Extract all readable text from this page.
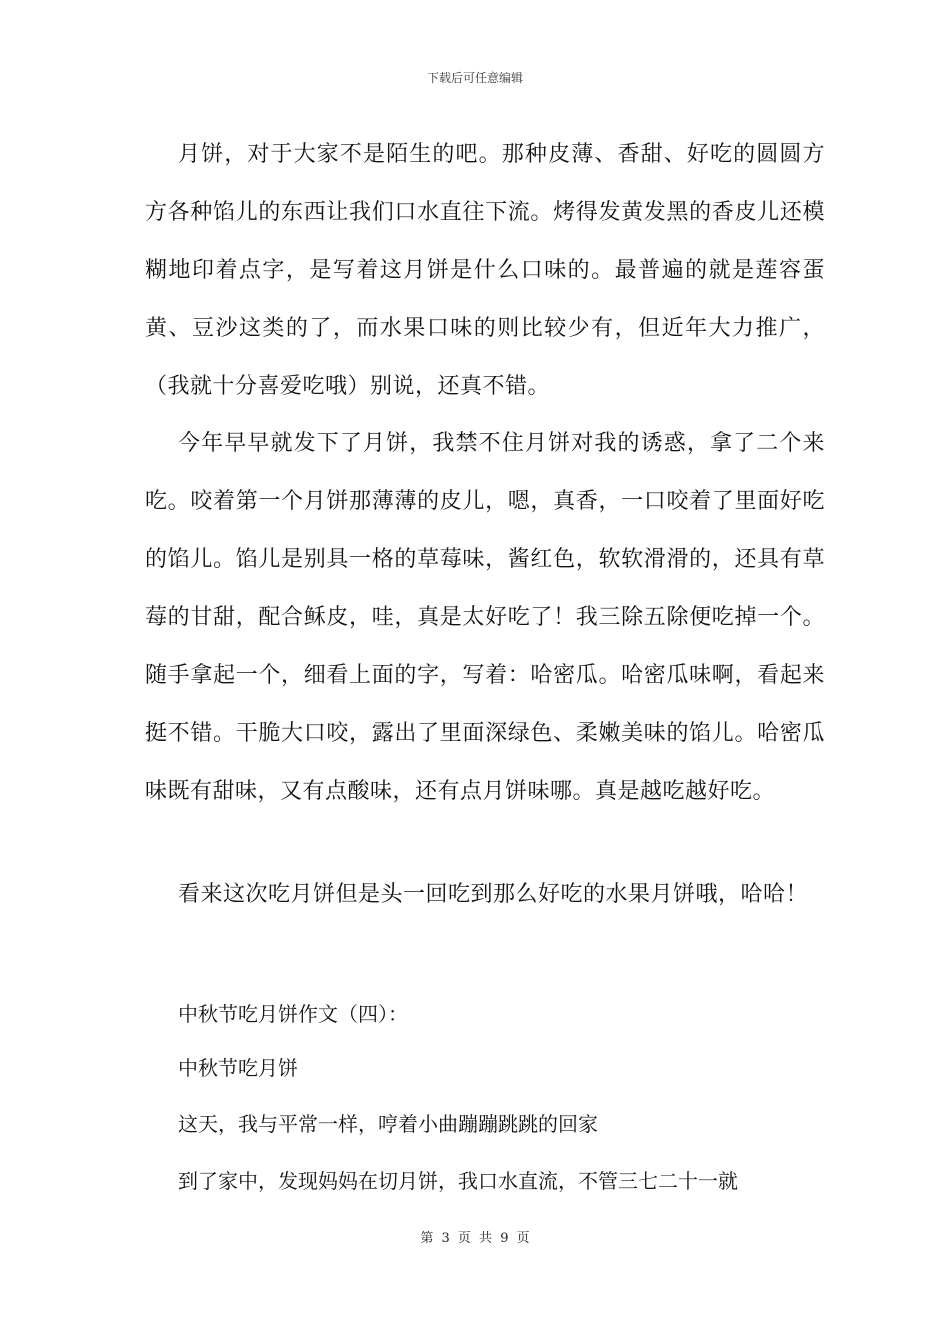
下载后可任意编辑

月饼，对于大家不是陌生的吧。那种皮薄、香甜、好吃的圆圆方方各种馅儿的东西让我们口水直往下流。烤得发黄发黑的香皮儿还模糊地印着点字，是写着这月饼是什么口味的。最普遍的就是莲容蛋黄、豆沙这类的了，而水果口味的则比较少有，但近年大力推广，（我就十分喜爱吃哦）别说，还真不错。

今年早早就发下了月饼，我禁不住月饼对我的诱惑，拿了二个来吃。咬着第一个月饼那薄薄的皮儿，嗯，真香，一口咬着了里面好吃的馅儿。馅儿是别具一格的草莓味，酱红色，软软滑滑的，还具有草莓的甘甜，配合稣皮，哇，真是太好吃了！我三除五除便吃掉一个。随手拿起一个，细看上面的字，写着：哈密瓜。哈密瓜味啊，看起来挺不错。干脆大口咬，露出了里面深绿色、柔嫩美味的馅儿。哈密瓜味既有甜味，又有点酸味，还有点月饼味哪。真是越吃越好吃。

看来这次吃月饼但是头一回吃到那么好吃的水果月饼哦，哈哈！

中秋节吃月饼作文（四）：

中秋节吃月饼

这天，我与平常一样，哼着小曲蹦蹦跳跳的回家

到了家中，发现妈妈在切月饼，我口水直流，不管三七二十一就

第 3 页 共 9 页
